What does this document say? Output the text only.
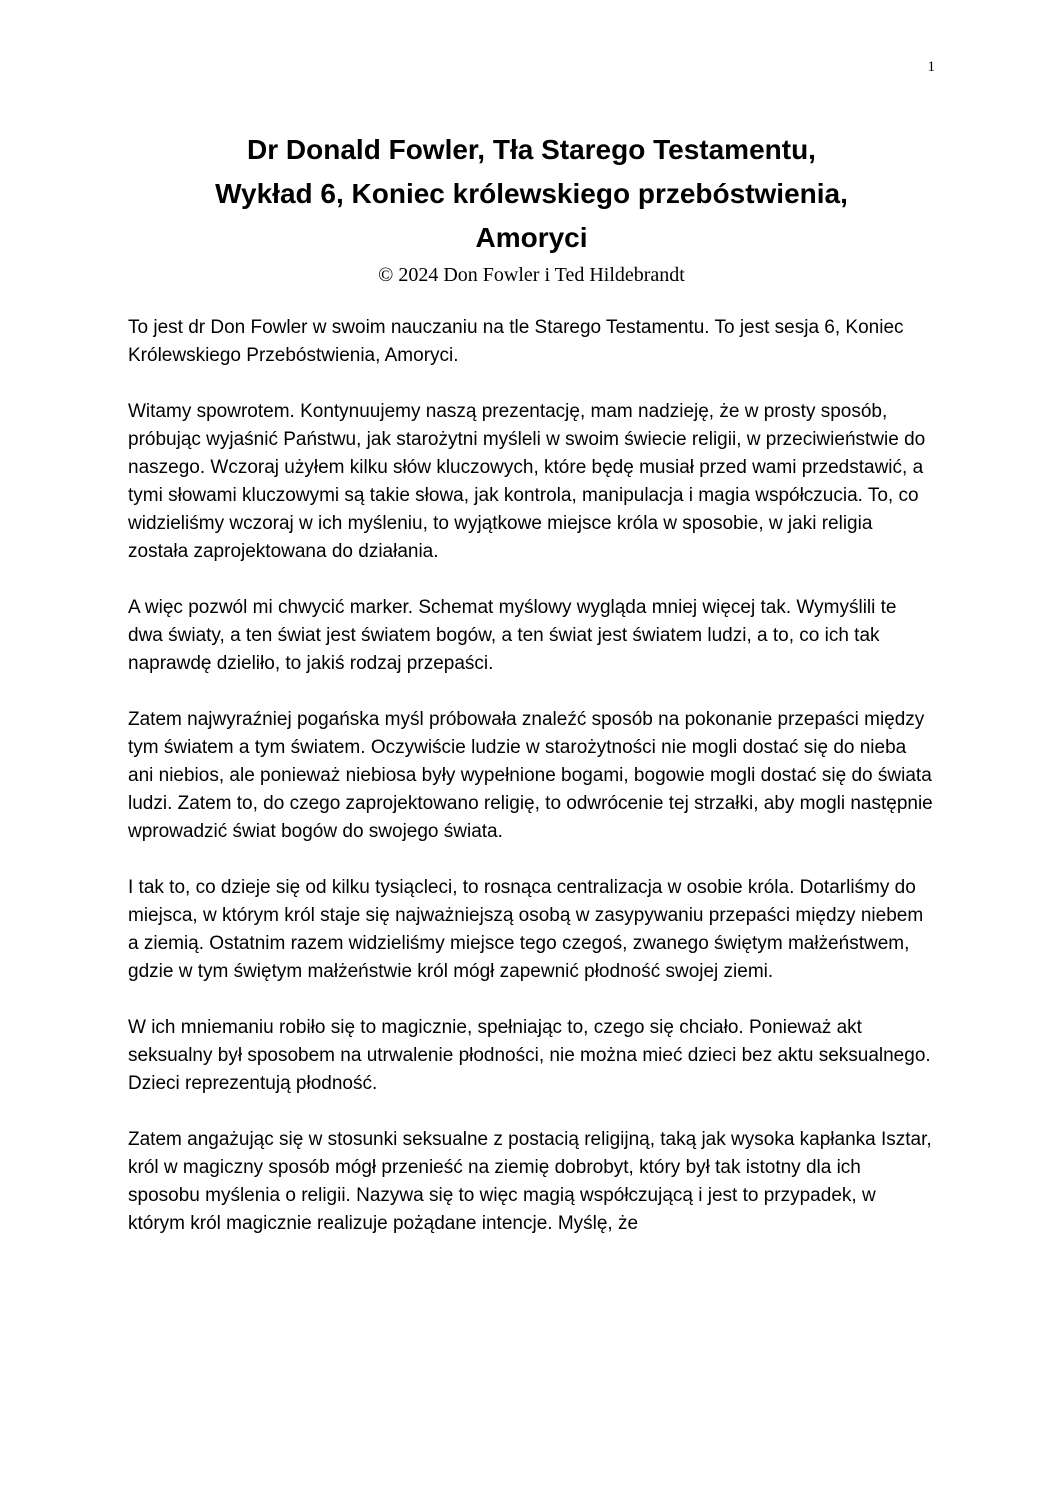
1
Dr Donald Fowler, Tła Starego Testamentu,
Wykład 6, Koniec królewskiego przebóstwienia,
Amoryci
© 2024 Don Fowler i Ted Hildebrandt

To jest dr Don Fowler w swoim nauczaniu na tle Starego Testamentu. To jest sesja 6, Koniec Królewskiego Przebóstwienia, Amoryci.

Witamy spowrotem. Kontynuujemy naszą prezentację, mam nadzieję, że w prosty sposób, próbując wyjaśnić Państwu, jak starożytni myśleli w swoim świecie religii, w przeciwieństwie do naszego. Wczoraj użyłem kilku słów kluczowych, które będę musiał przed wami przedstawić, a tymi słowami kluczowymi są takie słowa, jak kontrola, manipulacja i magia współczucia. To, co widzieliśmy wczoraj w ich myśleniu, to wyjątkowe miejsce króla w sposobie, w jaki religia została zaprojektowana do działania.

A więc pozwól mi chwycić marker. Schemat myślowy wygląda mniej więcej tak. Wymyślili te dwa światy, a ten świat jest światem bogów, a ten świat jest światem ludzi, a to, co ich tak naprawdę dzieliło, to jakiś rodzaj przepaści.

Zatem najwyraźniej pogańska myśl próbowała znaleźć sposób na pokonanie przepaści między tym światem a tym światem. Oczywiście ludzie w starożytności nie mogli dostać się do nieba ani niebios, ale ponieważ niebiosa były wypełnione bogami, bogowie mogli dostać się do świata ludzi. Zatem to, do czego zaprojektowano religię, to odwrócenie tej strzałki, aby mogli następnie wprowadzić świat bogów do swojego świata.

I tak to, co dzieje się od kilku tysiącleci, to rosnąca centralizacja w osobie króla. Dotarliśmy do miejsca, w którym król staje się najważniejszą osobą w zasypywaniu przepaści między niebem a ziemią. Ostatnim razem widzieliśmy miejsce tego czegoś, zwanego świętym małżeństwem, gdzie w tym świętym małżeństwie król mógł zapewnić płodność swojej ziemi.

W ich mniemaniu robiło się to magicznie, spełniając to, czego się chciało. Ponieważ akt seksualny był sposobem na utrwalenie płodności, nie można mieć dzieci bez aktu seksualnego. Dzieci reprezentują płodność.

Zatem angażując się w stosunki seksualne z postacią religijną, taką jak wysoka kapłanka Isztar, król w magiczny sposób mógł przenieść na ziemię dobrobyt, który był tak istotny dla ich sposobu myślenia o religii. Nazywa się to więc magią współczującą i jest to przypadek, w którym król magicznie realizuje pożądane intencje. Myślę, że
